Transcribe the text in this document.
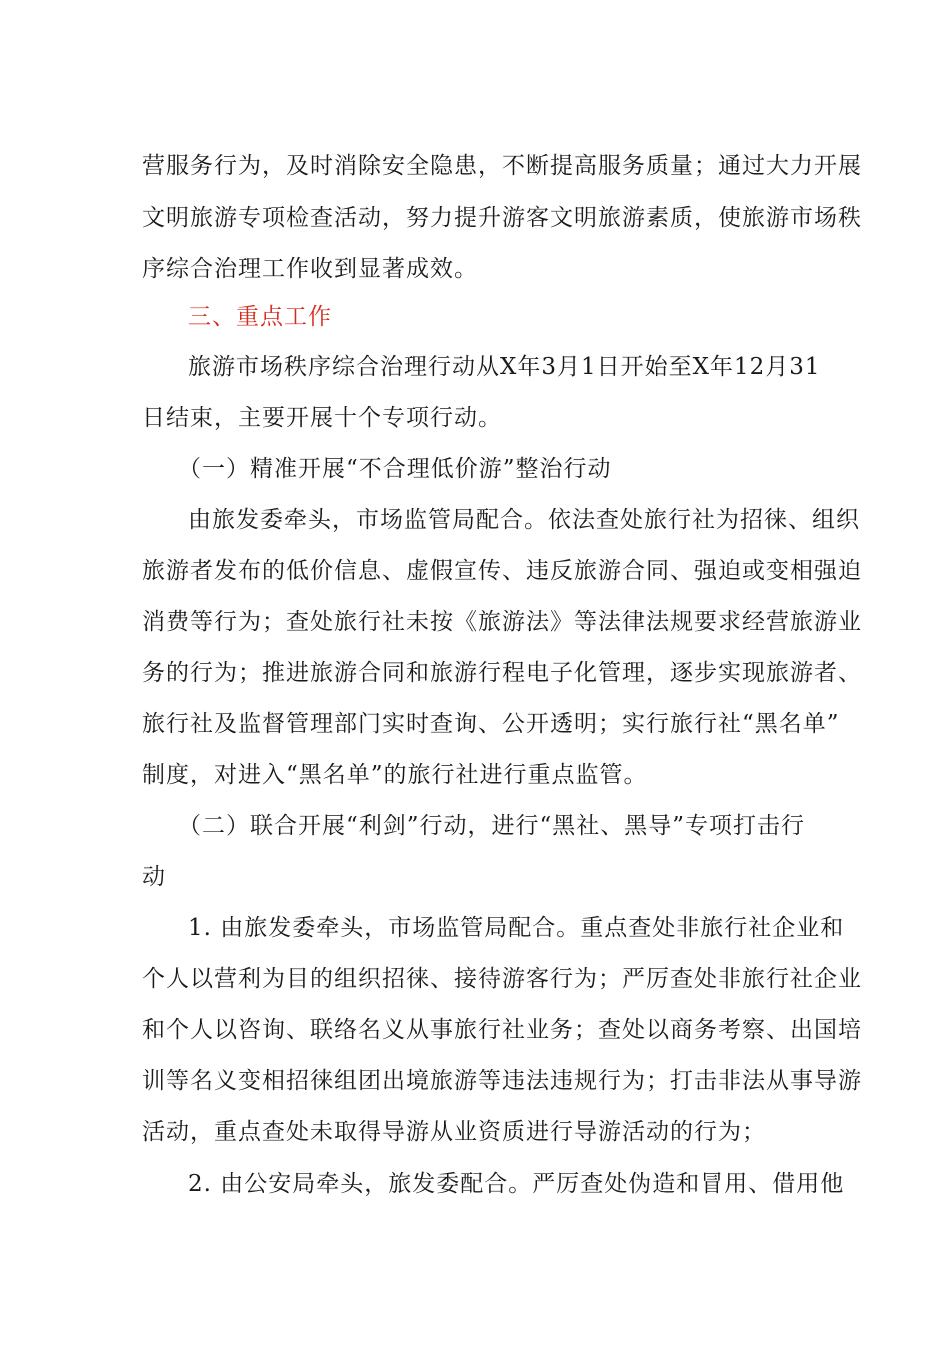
营服务行为，及时消除安全隐患，不断提高服务质量；通过大力开展
文明旅游专项检查活动，努力提升游客文明旅游素质，使旅游市场秩
序综合治理工作收到显著成效。
三、重点工作
旅游市场秩序综合治理行动从X年3月1日开始至X年12月31
日结束，主要开展十个专项行动。
（一）精准开展“不合理低价游”整治行动
由旅发委牵头，市场监管局配合。依法查处旅行社为招徕、组织
旅游者发布的低价信息、虚假宣传、违反旅游合同、强迫或变相强迫
消费等行为；查处旅行社未按《旅游法》等法律法规要求经营旅游业
务的行为；推进旅游合同和旅游行程电子化管理，逐步实现旅游者、
旅行社及监督管理部门实时查询、公开透明；实行旅行社“黑名单”
制度，对进入“黑名单”的旅行社进行重点监管。
（二）联合开展“利剑”行动，进行“黑社、黑导”专项打击行
动
1. 由旅发委牵头，市场监管局配合。重点查处非旅行社企业和
个人以营利为目的组织招徕、接待游客行为；严厉查处非旅行社企业
和个人以咨询、联络名义从事旅行社业务；查处以商务考察、出国培
训等名义变相招徕组团出境旅游等违法违规行为；打击非法从事导游
活动，重点查处未取得导游从业资质进行导游活动的行为；
2. 由公安局牵头，旅发委配合。严厉查处伪造和冒用、借用他
